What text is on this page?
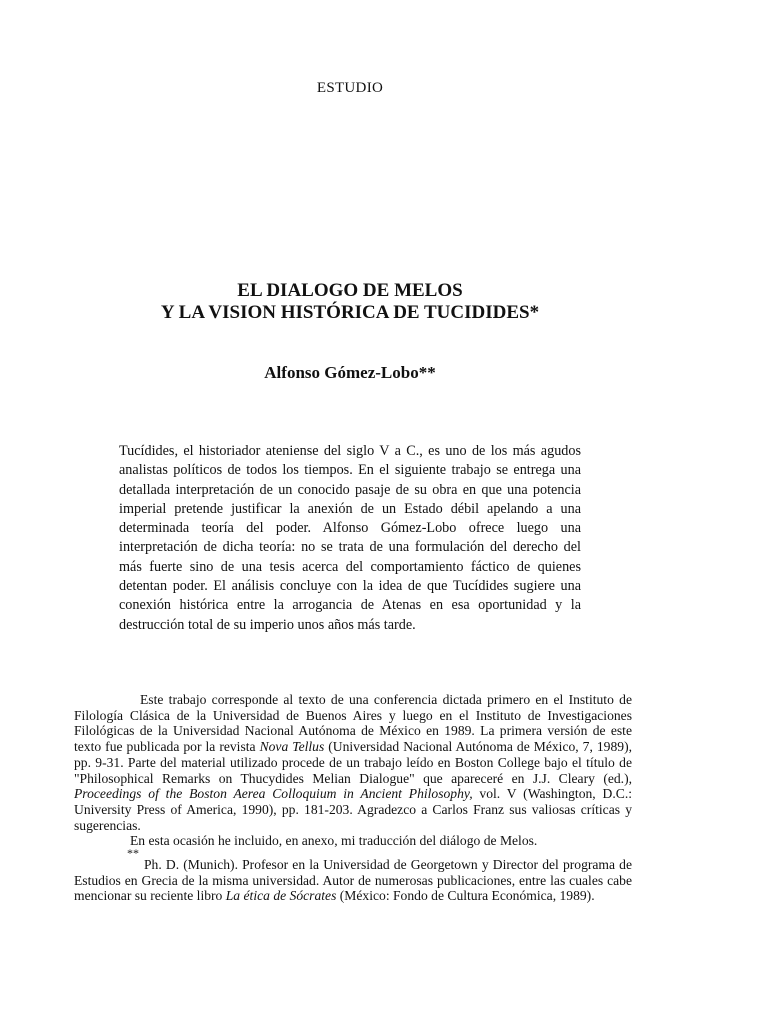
ESTUDIO
EL DIALOGO DE MELOS
Y LA VISION HISTÓRICA DE TUCIDIDES*
Alfonso Gómez-Lobo**

Tucídides, el historiador ateniense del siglo V a C., es uno de los más agudos analistas políticos de todos los tiempos. En el siguiente trabajo se entrega una detallada interpretación de un conocido pasaje de su obra en que una potencia imperial pretende justificar la anexión de un Estado débil apelando a una determinada teoría del poder. Alfonso Gómez-Lobo ofrece luego una interpretación de dicha teoría: no se trata de una formulación del derecho del más fuerte sino de una tesis acerca del comportamiento fáctico de quienes detentan poder. El análisis concluye con la idea de que Tucídides sugiere una conexión histórica entre la arrogancia de Atenas en esa oportunidad y la destrucción total de su imperio unos años más tarde.

Este trabajo corresponde al texto de una conferencia dictada primero en el Instituto de Filología Clásica de la Universidad de Buenos Aires y luego en el Instituto de Investigaciones Filológicas de la Universidad Nacional Autónoma de México en 1989. La primera versión de este texto fue publicada por la revista Nova Tellus (Universidad Nacional Autónoma de México, 7, 1989), pp. 9-31. Parte del material utilizado procede de un trabajo leído en Boston College bajo el título de "Philosophical Remarks on Thucydides Melian Dialogue" que apareceré en J.J. Cleary (ed.), Proceedings of the Boston Aerea Colloquium in Ancient Philosophy, vol. V (Washington, D.C.: University Press of America, 1990), pp. 181-203. Agradezco a Carlos Franz sus valiosas críticas y sugerencias.

En esta ocasión he incluido, en anexo, mi traducción del diálogo de Melos.

**

Ph. D. (Munich). Profesor en la Universidad de Georgetown y Director del programa de Estudios en Grecia de la misma universidad. Autor de numerosas publicaciones, entre las cuales cabe mencionar su reciente libro La ética de Sócrates (México: Fondo de Cultura Económica, 1989).
